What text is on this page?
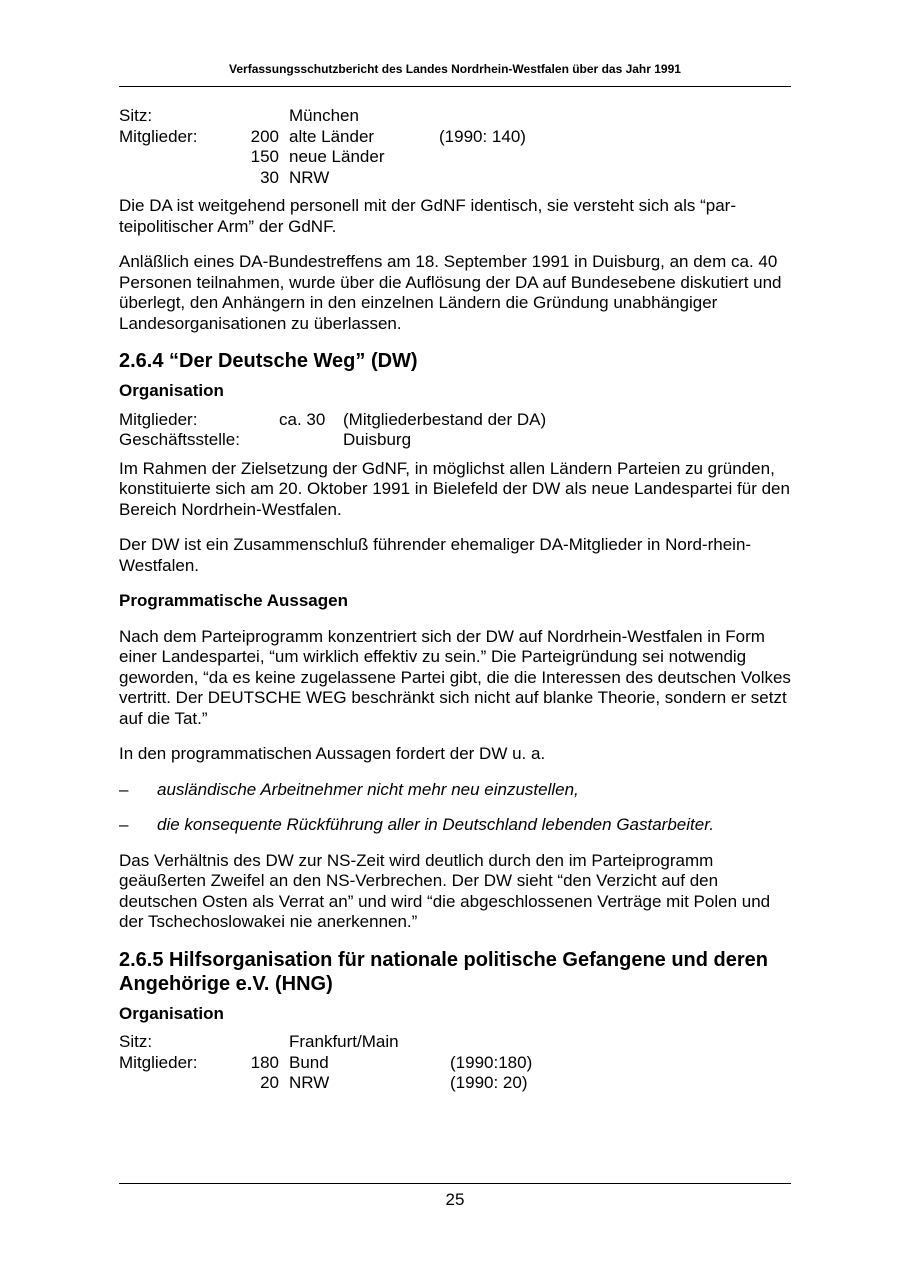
Verfassungsschutzbericht des Landes Nordrhein-Westfalen über das Jahr 1991
Sitz:	München
Mitglieder:	200 alte Länder	(1990: 140)
150 neue Länder
30 NRW

Die DA ist weitgehend personell mit der GdNF identisch, sie versteht sich als “par-teipolitischer Arm” der GdNF.

Anläßlich eines DA-Bundestreffens am 18. September 1991 in Duisburg, an dem ca. 40 Personen teilnahmen, wurde über die Auflösung der DA auf Bundesebene diskutiert und überlegt, den Anhängern in den einzelnen Ländern die Gründung unabhängiger Landesorganisationen zu überlassen.

2.6.4 “Der Deutsche Weg” (DW)
Organisation
Mitglieder:	ca. 30 (Mitgliederbestand der DA)
Geschäftsstelle:	Duisburg

Im Rahmen der Zielsetzung der GdNF, in möglichst allen Ländern Parteien zu gründen, konstituierte sich am 20. Oktober 1991 in Bielefeld der DW als neue Landespartei für den Bereich Nordrhein-Westfalen.

Der DW ist ein Zusammenschluß führender ehemaliger DA-Mitglieder in Nord-rhein-Westfalen.

Programmatische Aussagen

Nach dem Parteiprogramm konzentriert sich der DW auf Nordrhein-Westfalen in Form einer Landespartei, “um wirklich effektiv zu sein.” Die Parteigründung sei notwendig geworden, “da es keine zugelassene Partei gibt, die die Interessen des deutschen Volkes vertritt. Der DEUTSCHE WEG beschränkt sich nicht auf blanke Theorie, sondern er setzt auf die Tat.”

In den programmatischen Aussagen fordert der DW u. a.

– ausländische Arbeitnehmer nicht mehr neu einzustellen,
– die konsequente Rückführung aller in Deutschland lebenden Gastarbeiter.

Das Verhältnis des DW zur NS-Zeit wird deutlich durch den im Parteiprogramm geäußerten Zweifel an den NS-Verbrechen. Der DW sieht “den Verzicht auf den deutschen Osten als Verrat an” und wird “die abgeschlossenen Verträge mit Polen und der Tschechoslowakei nie anerkennen.”

2.6.5 Hilfsorganisation für nationale politische Gefangene und deren Angehörige e.V. (HNG)
Organisation
Sitz:	Frankfurt/Main
Mitglieder:	180 Bund	(1990:180)
20 NRW	(1990: 20)
25
